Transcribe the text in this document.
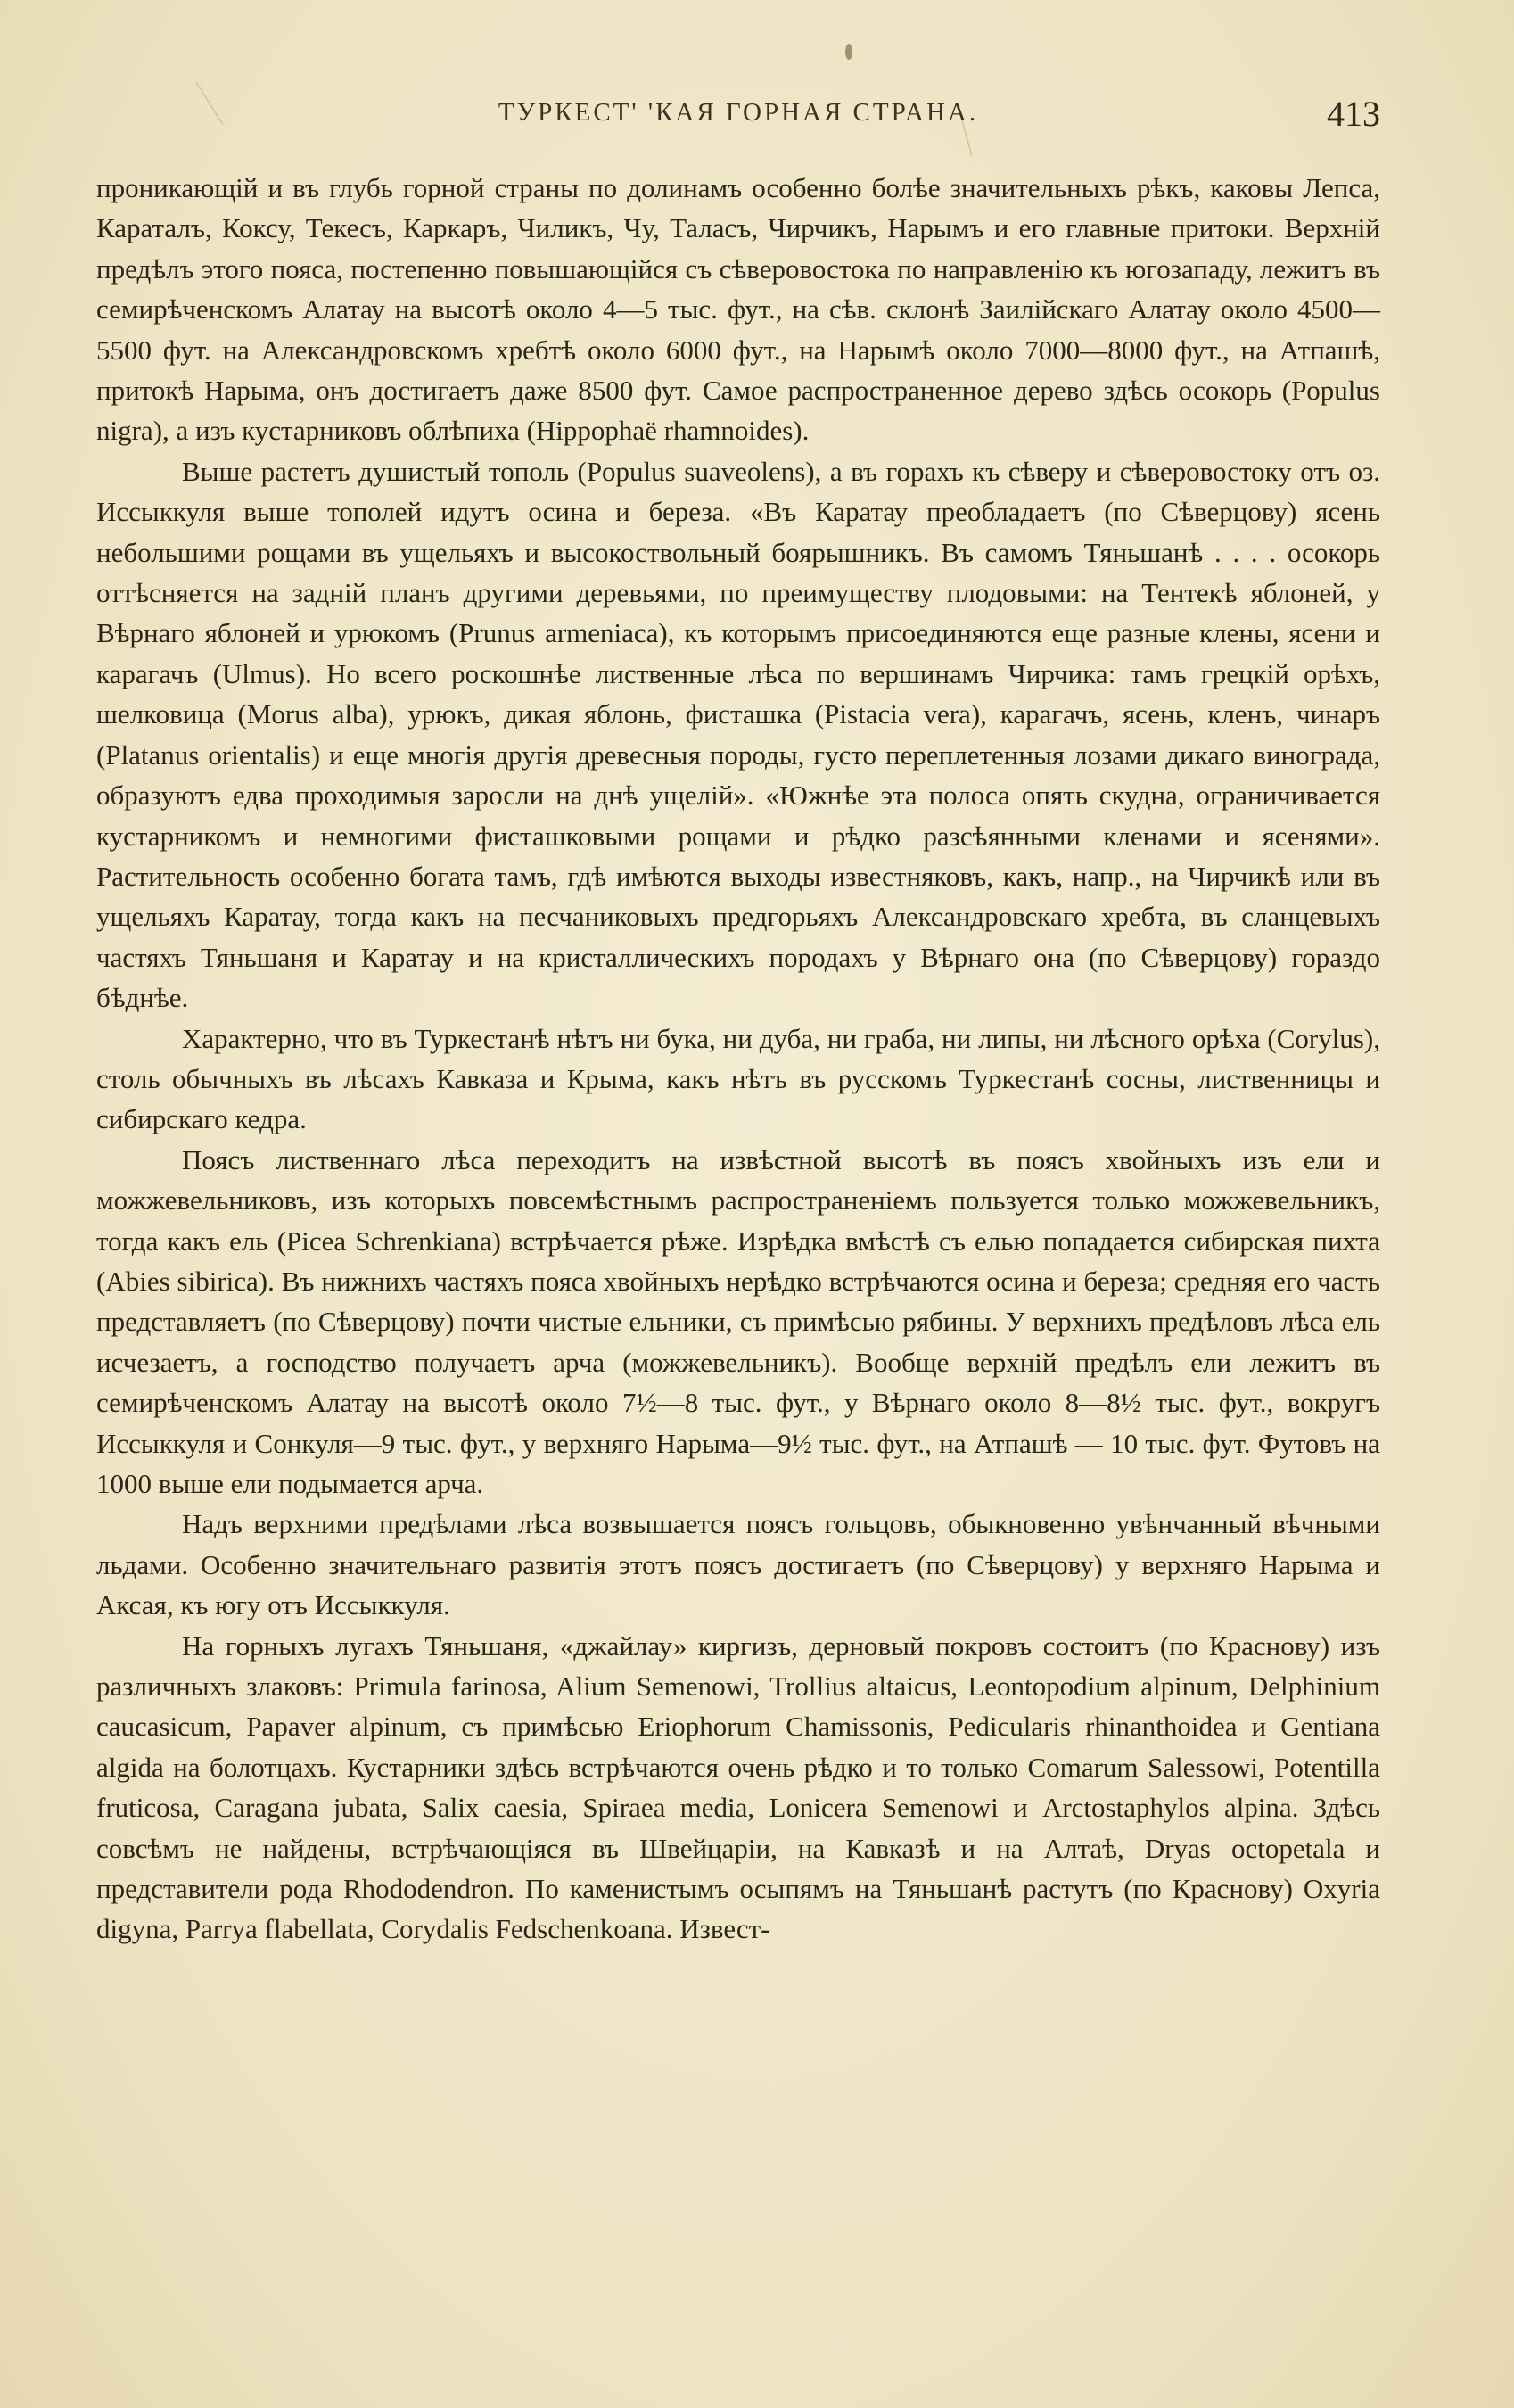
ТУРКЕСТ' 'КАЯ ГОРНАЯ СТРАНА.	413

проникающій и въ глубь горной страны по долинамъ особенно болѣе значительныхъ рѣкъ, каковы Лепса, Караталъ, Коксу, Текесъ, Каркаръ, Чиликъ, Чу, Таласъ, Чирчикъ, Нарымъ и его главные притоки. Верхній предѣлъ этого пояса, постепенно повышающійся съ сѣверовостока по направленію къ югозападу, лежитъ въ семирѣченскомъ Алатау на высотѣ около 4—5 тыс. фут., на сѣв. склонѣ Заилійскаго Алатау около 4500—5500 фут. на Александровскомъ хребтѣ около 6000 фут., на Нарымѣ около 7000—8000 фут., на Атпашѣ, притокѣ Нарыма, онъ достигаетъ даже 8500 фут. Самое распространенное дерево здѣсь осокорь (Populus nigra), а изъ кустарниковъ облѣпиха (Hippophaë rhamnoides).

Выше растетъ душистый тополь (Populus suaveolens), а въ горахъ къ сѣверу и сѣверовостоку отъ оз. Иссыккуля выше тополей идутъ осина и береза. «Въ Каратау преобладаетъ (по Сѣверцову) ясень небольшими рощами въ ущельяхъ и высокоствольный боярышникъ. Въ самомъ Тяньшанѣ . . . . осокорь оттѣсняется на задній планъ другими деревьями, по преимуществу плодовыми: на Тентекѣ яблоней, у Вѣрнаго яблоней и урюкомъ (Prunus armeniaca), къ которымъ присоединяются еще разные клены, ясени и карагачъ (Ulmus). Но всего роскошнѣе лиственные лѣса по вершинамъ Чирчика: тамъ грецкій орѣхъ, шелковица (Morus alba), урюкъ, дикая яблонь, фисташка (Pistacia vera), карагачъ, ясень, кленъ, чинаръ (Platanus orientalis) и еще многія другія древесныя породы, густо переплетенныя лозами дикаго винограда, образуютъ едва проходимыя заросли на днѣ ущелій». «Южнѣе эта полоса опять скудна, ограничивается кустарникомъ и немногими фисташковыми рощами и рѣдко разсѣянными кленами и ясенями». Растительность особенно богата тамъ, гдѣ имѣются выходы известняковъ, какъ, напр., на Чирчикѣ или въ ущельяхъ Каратау, тогда какъ на песчаниковыхъ предгорьяхъ Александровскаго хребта, въ сланцевыхъ частяхъ Тяньшаня и Каратау и на кристаллическихъ породахъ у Вѣрнаго она (по Сѣверцову) гораздо бѣднѣе.

Характерно, что въ Туркестанѣ нѣтъ ни бука, ни дуба, ни граба, ни липы, ни лѣсного орѣха (Corylus), столь обычныхъ въ лѣсахъ Кавказа и Крыма, какъ нѣтъ въ русскомъ Туркестанѣ сосны, лиственницы и сибирскаго кедра.

Поясъ лиственнаго лѣса переходитъ на извѣстной высотѣ въ поясъ хвойныхъ изъ ели и можжевельниковъ, изъ которыхъ повсемѣстнымъ распространеніемъ пользуется только можжевельникъ, тогда какъ ель (Picea Schrenkiana) встрѣчается рѣже. Изрѣдка вмѣстѣ съ елью попадается сибирская пихта (Abies sibirica). Въ нижнихъ частяхъ пояса хвойныхъ нерѣдко встрѣчаются осина и береза; средняя его часть представляетъ (по Сѣверцову) почти чистые ельники, съ примѣсью рябины. У верхнихъ предѣловъ лѣса ель исчезаетъ, а господство получаетъ арча (можжевельникъ). Вообще верхній предѣлъ ели лежитъ въ семирѣченскомъ Алатау на высотѣ около 7½—8 тыс. фут., у Вѣрнаго около 8—8½ тыс. фут., вокругъ Иссыккуля и Сонкуля—9 тыс. фут., у верхняго Нарыма—9½ тыс. фут., на Атпашѣ — 10 тыс. фут. Футовъ на 1000 выше ели подымается арча.

Надъ верхними предѣлами лѣса возвышается поясъ гольцовъ, обыкновенно увѣнчанный вѣчными льдами. Особенно значительнаго развитія этотъ поясъ достигаетъ (по Сѣверцову) у верхняго Нарыма и Аксая, къ югу отъ Иссыккуля.

На горныхъ лугахъ Тяньшаня, «джайлау» киргизъ, дерновый покровъ состоитъ (по Краснову) изъ различныхъ злаковъ: Primula farinosa, Alium Semenowi, Trollius altaicus, Leontopodium alpinum, Delphinium caucasicum, Papaver alpinum, съ примѣсью Eriophorum Chamissonis, Pedicularis rhinanthoidea и Gentiana algida на болотцахъ. Кустарники здѣсь встрѣчаются очень рѣдко и то только Comarum Salessowi, Potentilla fruticosa, Caragana jubata, Salix caesia, Spiraea media, Lonicera Semenowi и Arctostaphylos alpina. Здѣсь совсѣмъ не найдены, встрѣчающіяся въ Швейцаріи, на Кавказѣ и на Алтаѣ, Dryas octopetala и представители рода Rhododendron. По каменистымъ осыпямъ на Тяньшанѣ растутъ (по Краснову) Oxyria digyna, Parrya flabellata, Corydalis Fedschenkoana. Извест-
